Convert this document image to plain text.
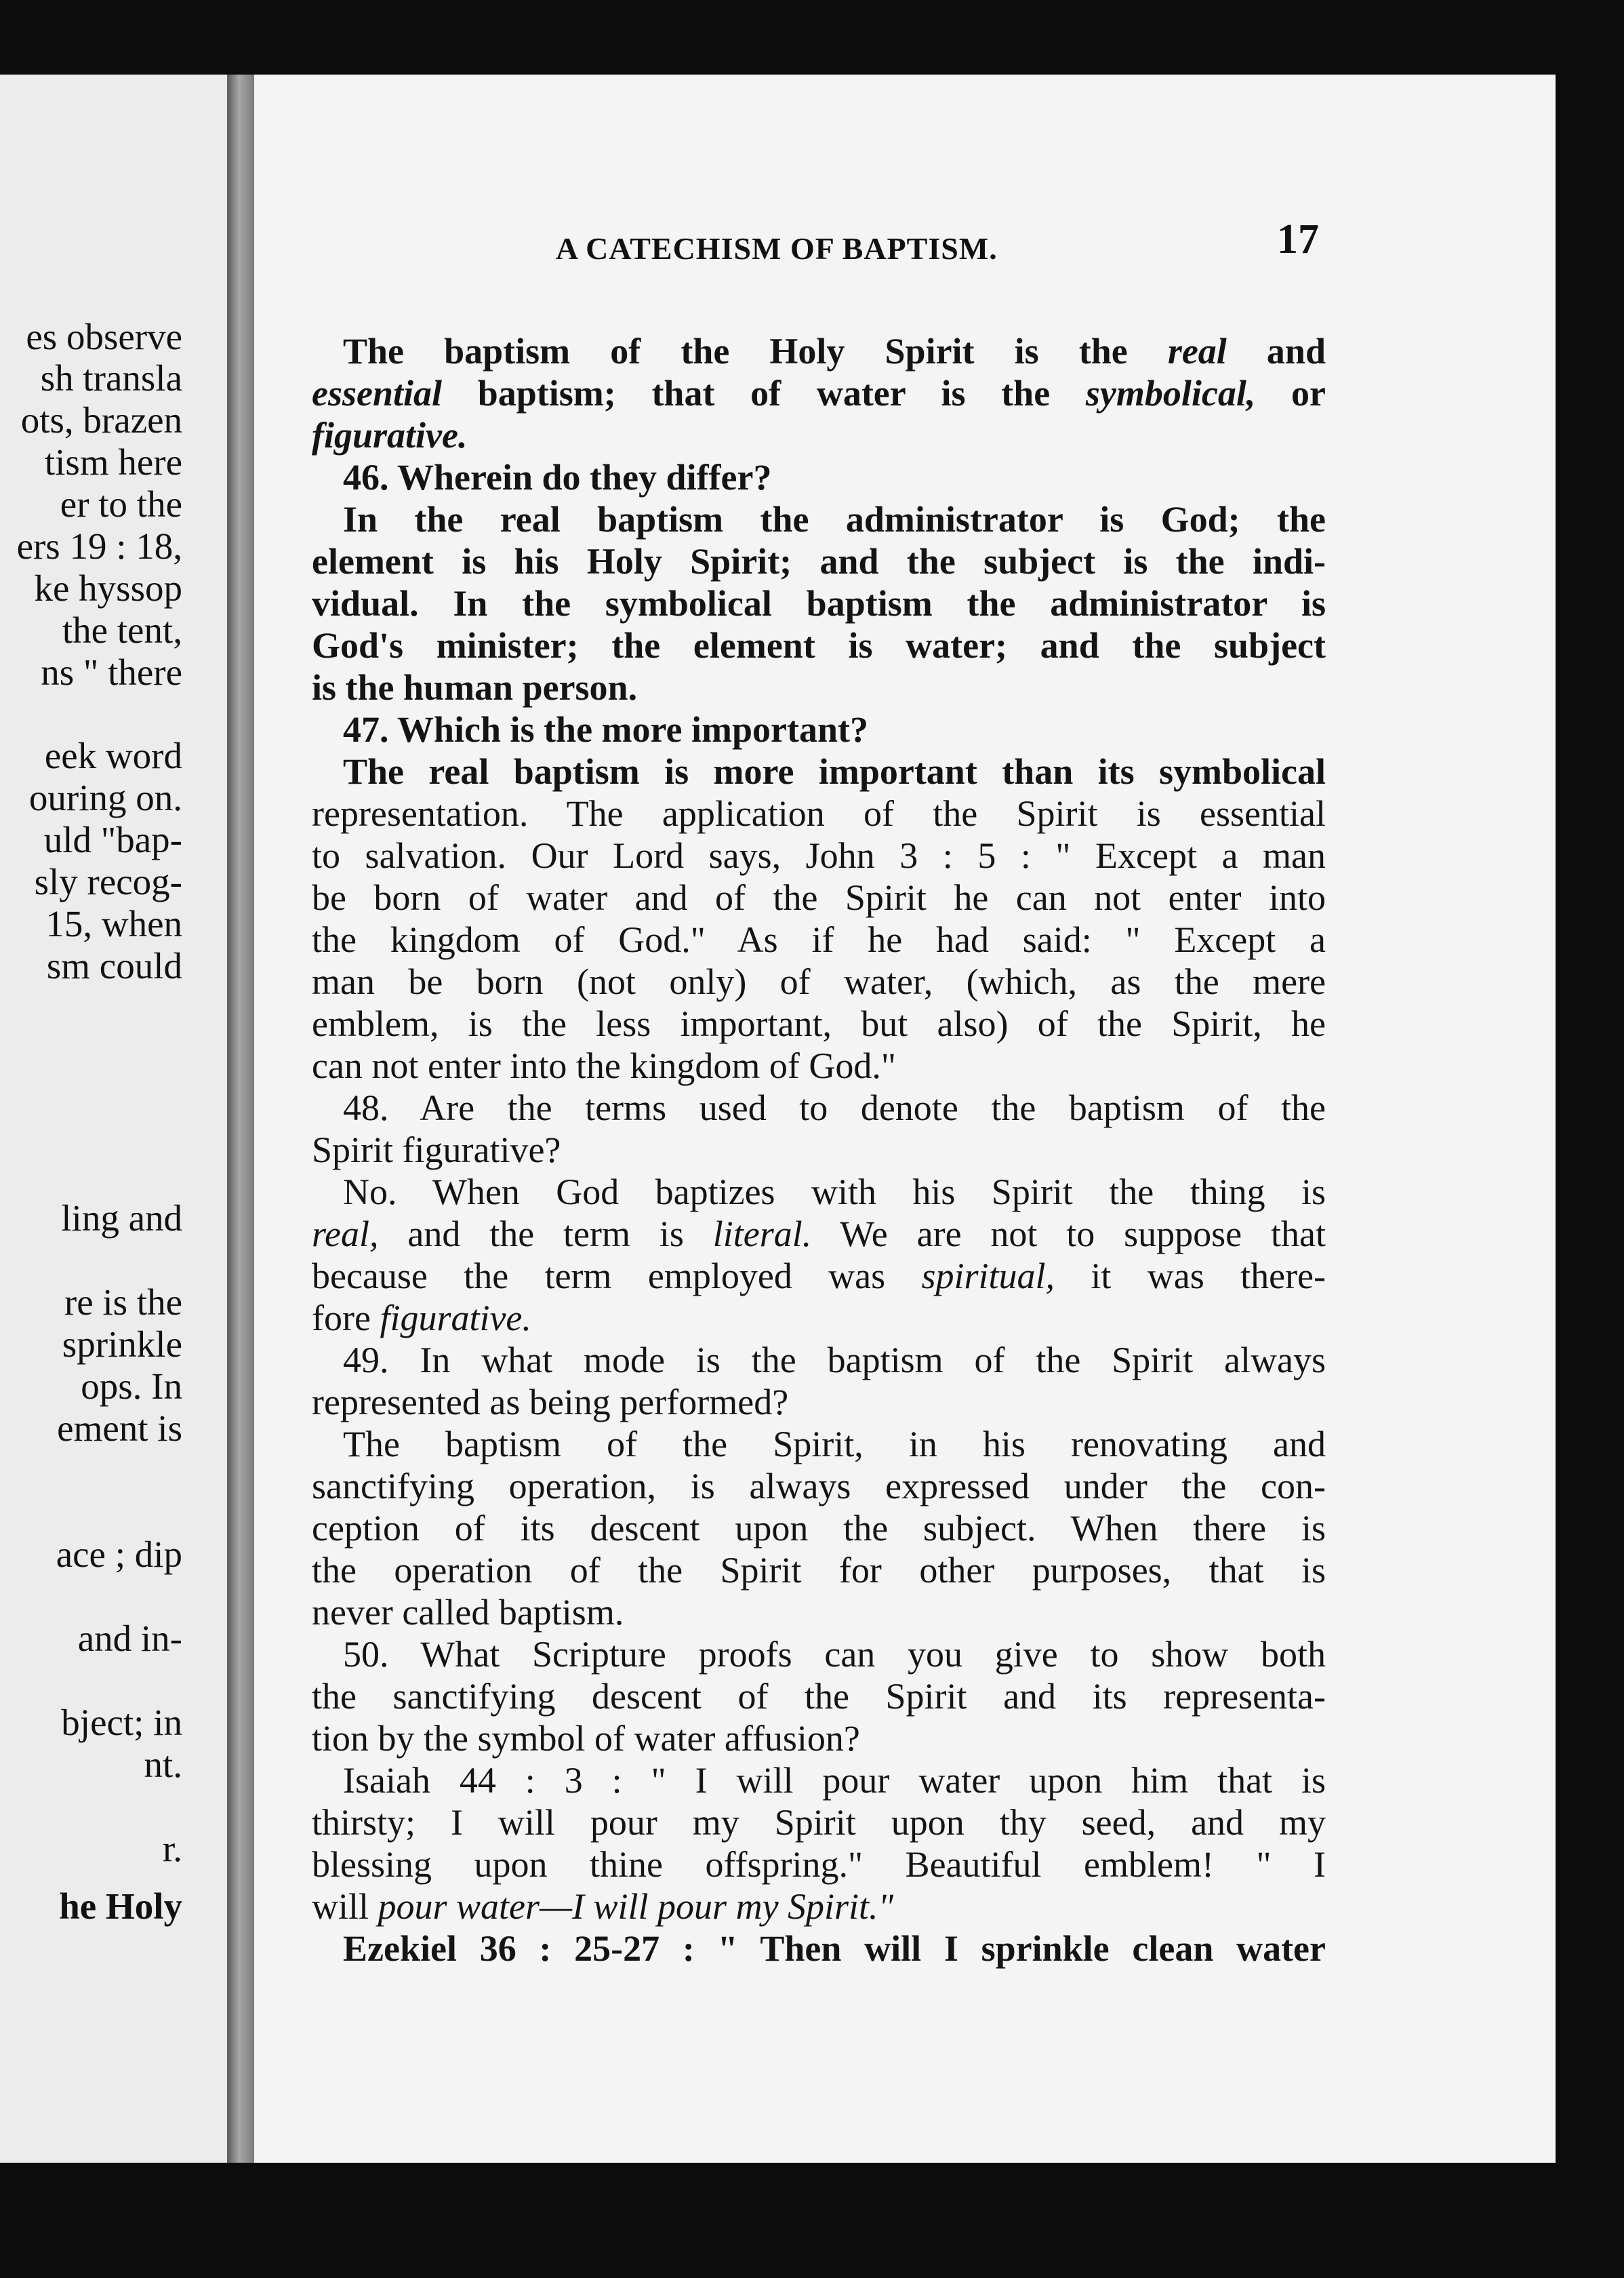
es observe
sh transla
ots, brazen
tism here
er to the
ers 19 : 18,
ke hyssop
the tent,
ns " there
eek word
ouring on.
uld "bap-
sly recog-
15, when
sm could
ling and
re is the
sprinkle
ops. In
ement is
ace ; dip
and in-
bject; in
nt.
r.
he Holy
A CATECHISM OF BAPTISM.	17
The baptism of the Holy Spirit is the real and
essential baptism; that of water is the symbolical, or
figurative.
46. Wherein do they differ?
In the real baptism the administrator is God; the
element is his Holy Spirit; and the subject is the indi-
vidual. In the symbolical baptism the administrator is
God's minister; the element is water; and the subject
is the human person.
47. Which is the more important?
The real baptism is more important than its symbolical
representation. The application of the Spirit is essential
to salvation. Our Lord says, John 3 : 5 : " Except a man
be born of water and of the Spirit he can not enter into
the kingdom of God." As if he had said: " Except a
man be born (not only) of water, (which, as the mere
emblem, is the less important, but also) of the Spirit, he
can not enter into the kingdom of God."
48. Are the terms used to denote the baptism of the
Spirit figurative?
No. When God baptizes with his Spirit the thing is
real, and the term is literal. We are not to suppose that
because the term employed was spiritual, it was there-
fore figurative.
49. In what mode is the baptism of the Spirit always
represented as being performed?
The baptism of the Spirit, in his renovating and
sanctifying operation, is always expressed under the con-
ception of its descent upon the subject. When there is
the operation of the Spirit for other purposes, that is
never called baptism.
50. What Scripture proofs can you give to show both
the sanctifying descent of the Spirit and its representa-
tion by the symbol of water affusion?
Isaiah 44 : 3 : " I will pour water upon him that is
thirsty; I will pour my Spirit upon thy seed, and my
blessing upon thine offspring." Beautiful emblem! " I
will pour water—I will pour my Spirit."
Ezekiel 36 : 25-27 : " Then will I sprinkle clean water
